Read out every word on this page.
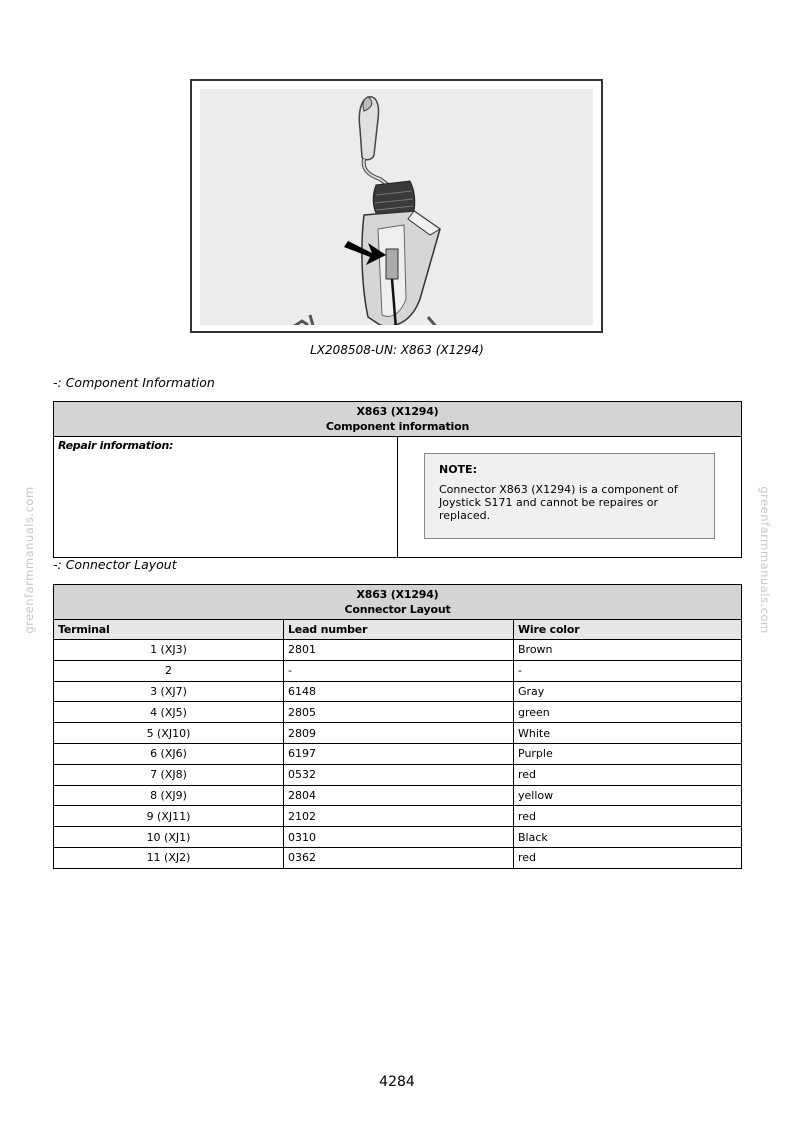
LX208508-UN: X863 (X1294)
-: Component Information
X863 (X1294)
Component information

Repair information:	
NOTE:
Connector X863 (X1294) is a component of Joystick S171 and cannot be repaires or replaced.
-: Connector Layout
X863 (X1294)
Connector Layout		

Terminal	Lead number	Wire color
1 (XJ3)	2801	Brown
2	-	-
3 (XJ7)	6148	Gray
4 (XJ5)	2805	green
5 (XJ10)	2809	White
6 (XJ6)	6197	Purple
7 (XJ8)	0532	red
8 (XJ9)	2804	yellow
9 (XJ11)	2102	red
10 (XJ1)	0310	Black
11 (XJ2)	0362	red
greenfarmmanuals.com	greenfarmmanuals.com
4284
